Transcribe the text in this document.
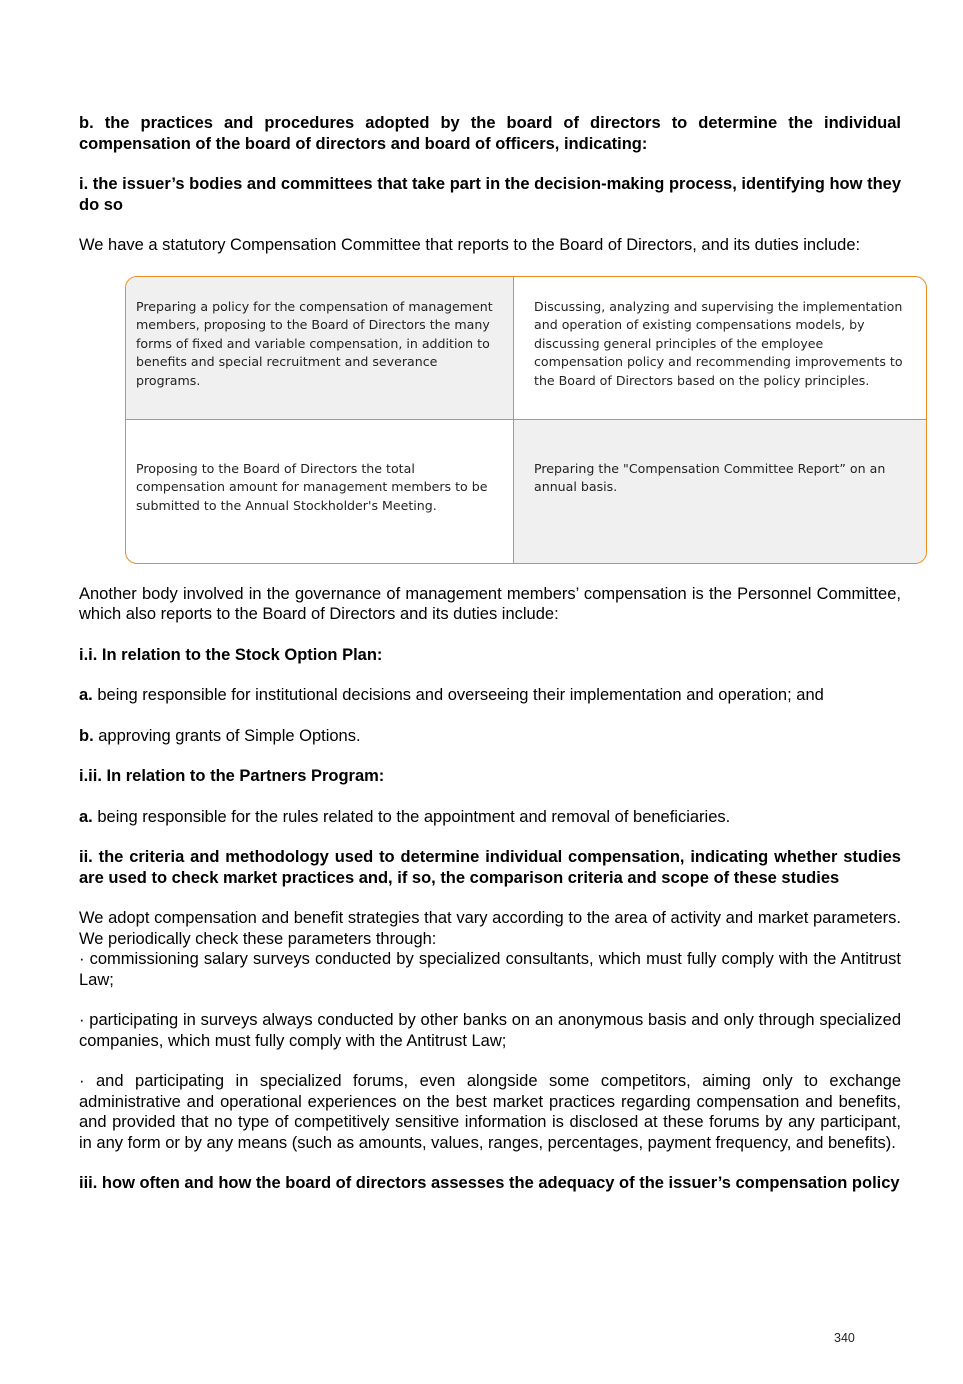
b. the practices and procedures adopted by the board of directors to determine the individual compensation of the board of directors and board of officers, indicating:

i. the issuer’s bodies and committees that take part in the decision-making process, identifying how they do so

We have a statutory Compensation Committee that reports to the Board of Directors, and its duties include:

Preparing a policy for the compensation of management members, proposing to the Board of Directors the many forms of fixed and variable compensation, in addition to benefits and special recruitment and severance programs.
Discussing, analyzing and supervising the implementation and operation of existing compensations models, by discussing general principles of the employee compensation policy and recommending improvements to the Board of Directors based on the policy principles.
Proposing to the Board of Directors the total compensation amount for management members to be submitted to the Annual Stockholder's Meeting.
Preparing the "Compensation Committee Report” on an annual basis.

Another body involved in the governance of management members’ compensation is the Personnel Committee, which also reports to the Board of Directors and its duties include:

i.i. In relation to the Stock Option Plan:

a. being responsible for institutional decisions and overseeing their implementation and operation; and

b. approving grants of Simple Options.

i.ii. In relation to the Partners Program:

a. being responsible for the rules related to the appointment and removal of beneficiaries.

ii. the criteria and methodology used to determine individual compensation, indicating whether studies are used to check market practices and, if so, the comparison criteria and scope of these studies

We adopt compensation and benefit strategies that vary according to the area of activity and market parameters. We periodically check these parameters through:

· commissioning salary surveys conducted by specialized consultants, which must fully comply with the Antitrust Law;

· participating in surveys always conducted by other banks on an anonymous basis and only through specialized companies, which must fully comply with the Antitrust Law;

· and participating in specialized forums, even alongside some competitors, aiming only to exchange administrative and operational experiences on the best market practices regarding compensation and benefits, and provided that no type of competitively sensitive information is disclosed at these forums by any participant, in any form or by any means (such as amounts, values, ranges, percentages, payment frequency, and benefits).

iii. how often and how the board of directors assesses the adequacy of the issuer’s compensation policy

340
